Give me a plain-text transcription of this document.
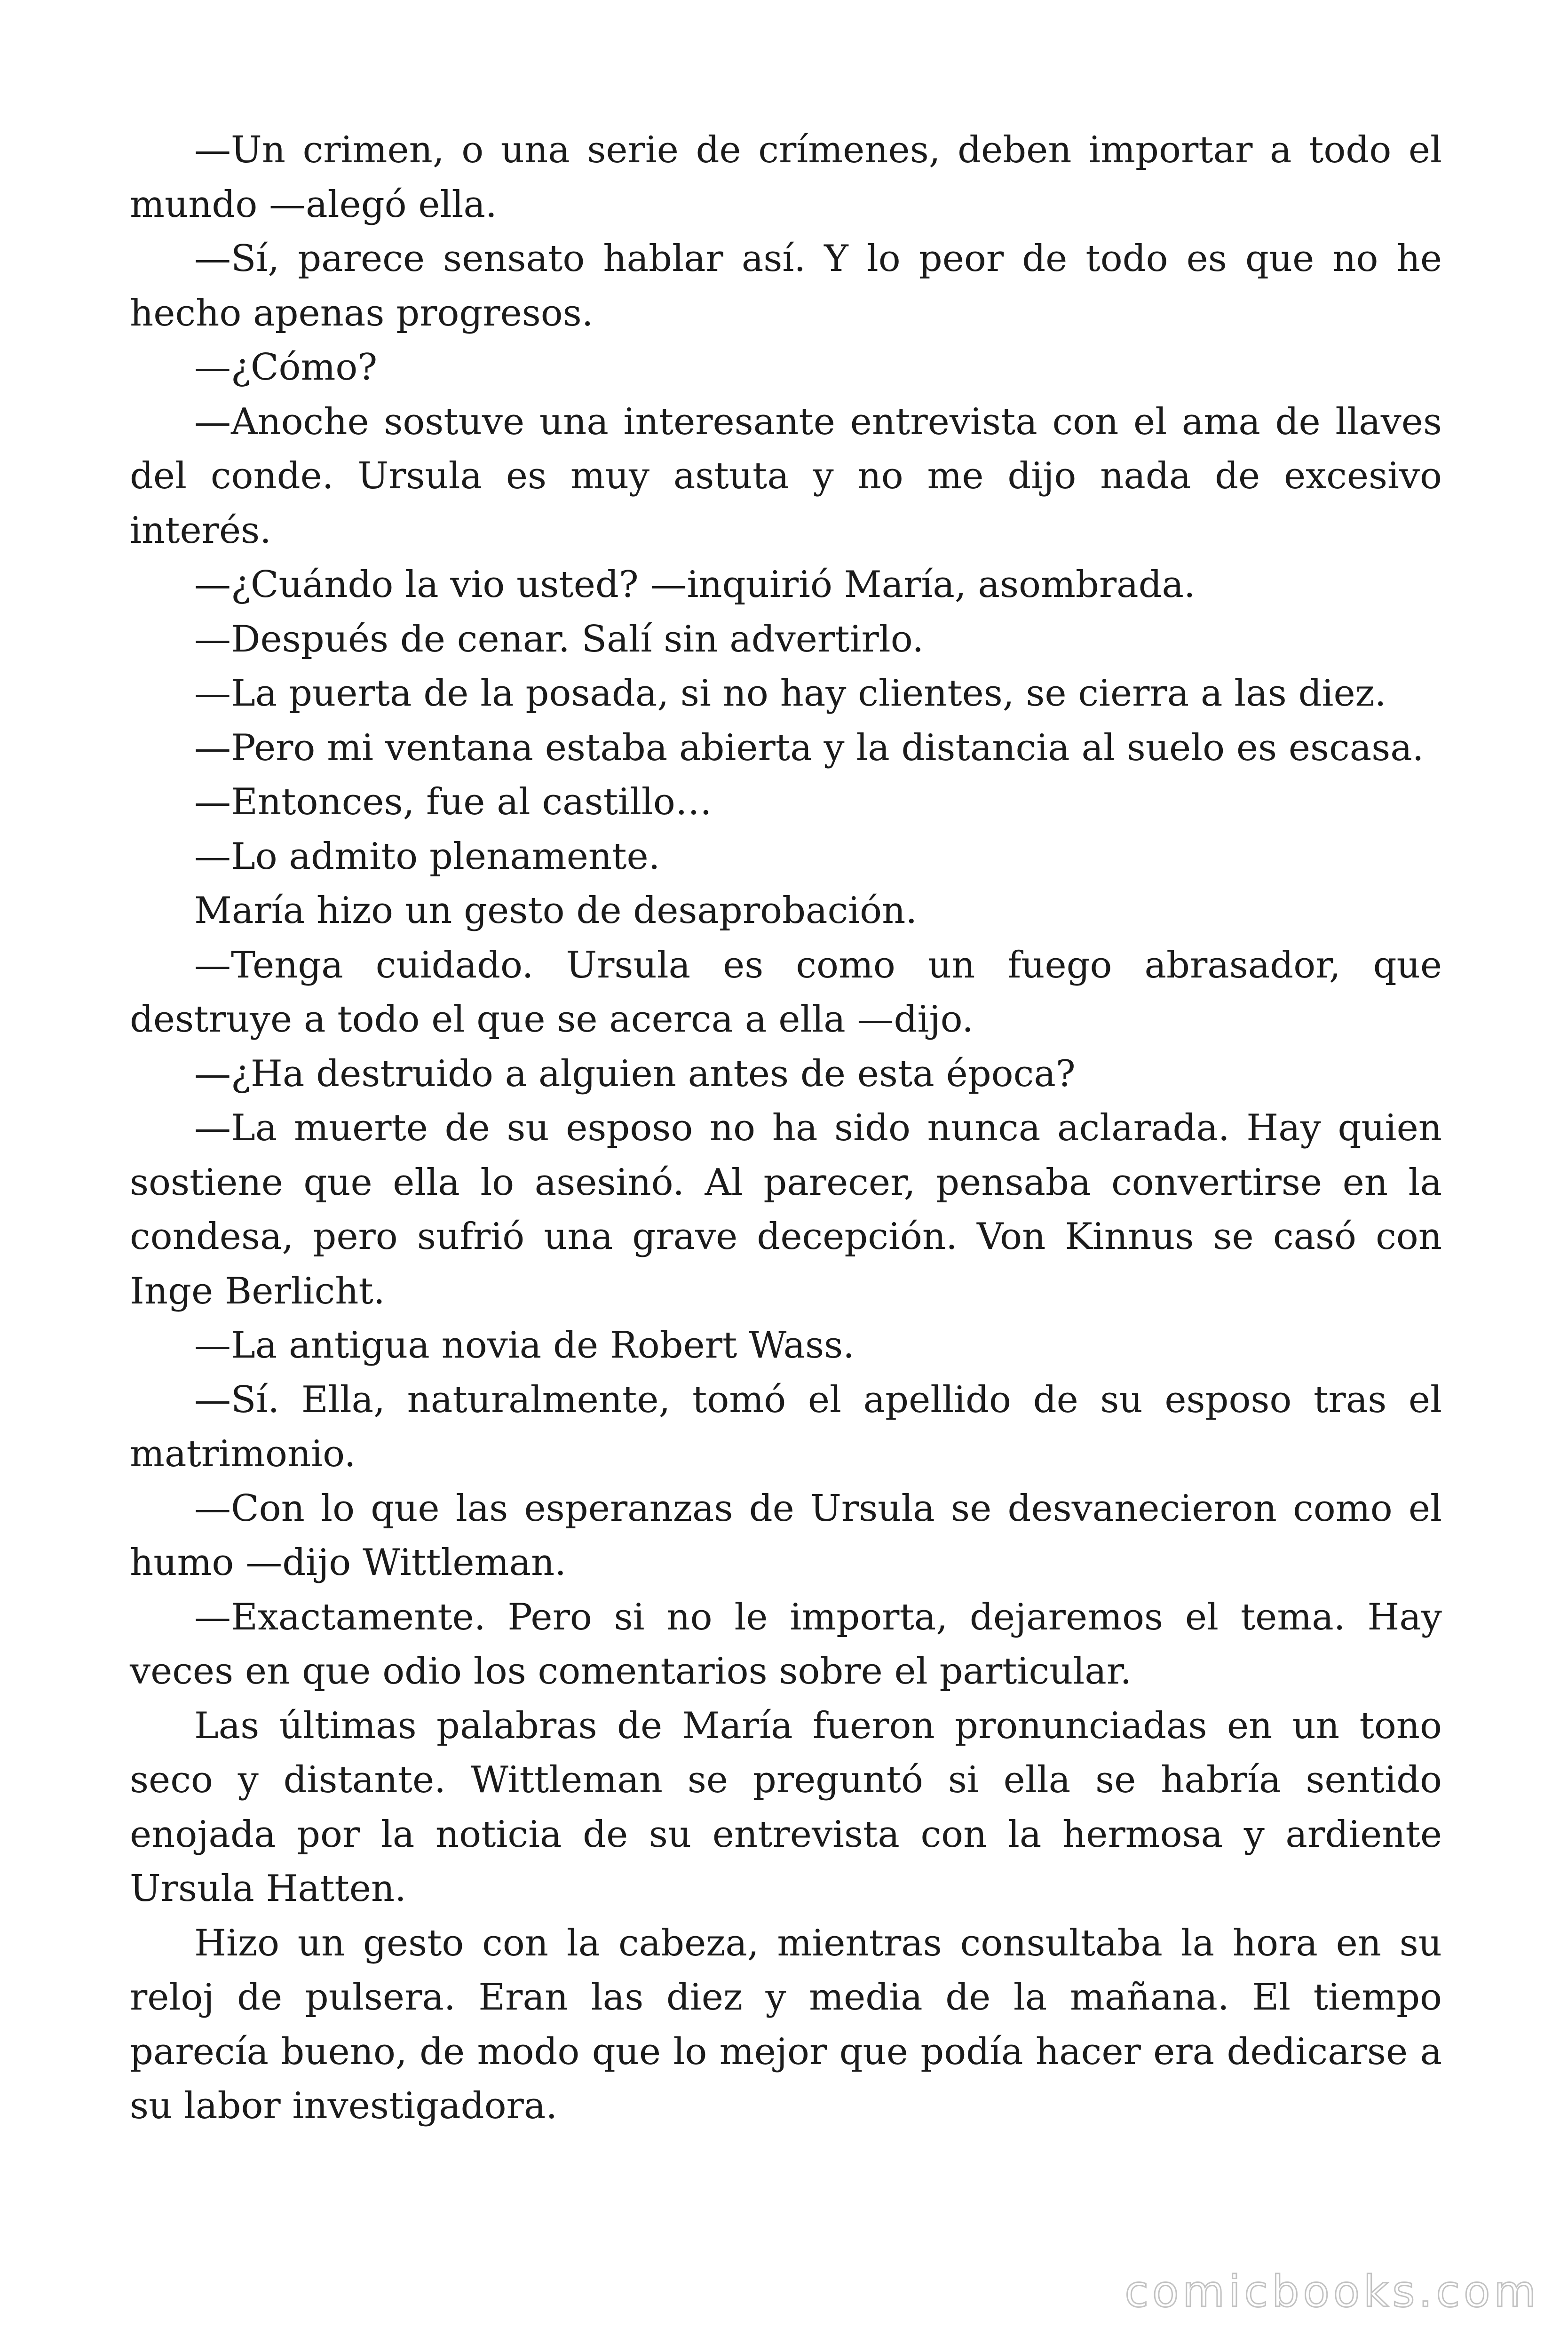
—Un crimen, o una serie de crímenes, deben importar a todo el mundo —alegó ella.

—Sí, parece sensato hablar así. Y lo peor de todo es que no he hecho apenas progresos.

—¿Cómo?

—Anoche sostuve una interesante entrevista con el ama de llaves del conde. Ursula es muy astuta y no me dijo nada de excesivo interés.

—¿Cuándo la vio usted? —inquirió María, asombrada.

—Después de cenar. Salí sin advertirlo.

—La puerta de la posada, si no hay clientes, se cierra a las diez.

—Pero mi ventana estaba abierta y la distancia al suelo es escasa.

—Entonces, fue al castillo…

—Lo admito plenamente.

María hizo un gesto de desaprobación.

—Tenga cuidado. Ursula es como un fuego abrasador, que destruye a todo el que se acerca a ella —dijo.

—¿Ha destruido a alguien antes de esta época?

—La muerte de su esposo no ha sido nunca aclarada. Hay quien sostiene que ella lo asesinó. Al parecer, pensaba convertirse en la condesa, pero sufrió una grave decepción. Von Kinnus se casó con Inge Berlicht.

—La antigua novia de Robert Wass.

—Sí. Ella, naturalmente, tomó el apellido de su esposo tras el matrimonio.

—Con lo que las esperanzas de Ursula se desvanecieron como el humo —dijo Wittleman.

—Exactamente. Pero si no le importa, dejaremos el tema. Hay veces en que odio los comentarios sobre el particular.

Las últimas palabras de María fueron pronunciadas en un tono seco y distante. Wittleman se preguntó si ella se habría sentido enojada por la noticia de su entrevista con la hermosa y ardiente Ursula Hatten.

Hizo un gesto con la cabeza, mientras consultaba la hora en su reloj de pulsera. Eran las diez y media de la mañana. El tiempo parecía bueno, de modo que lo mejor que podía hacer era dedicarse a su labor investigadora.

comicbooks.com
